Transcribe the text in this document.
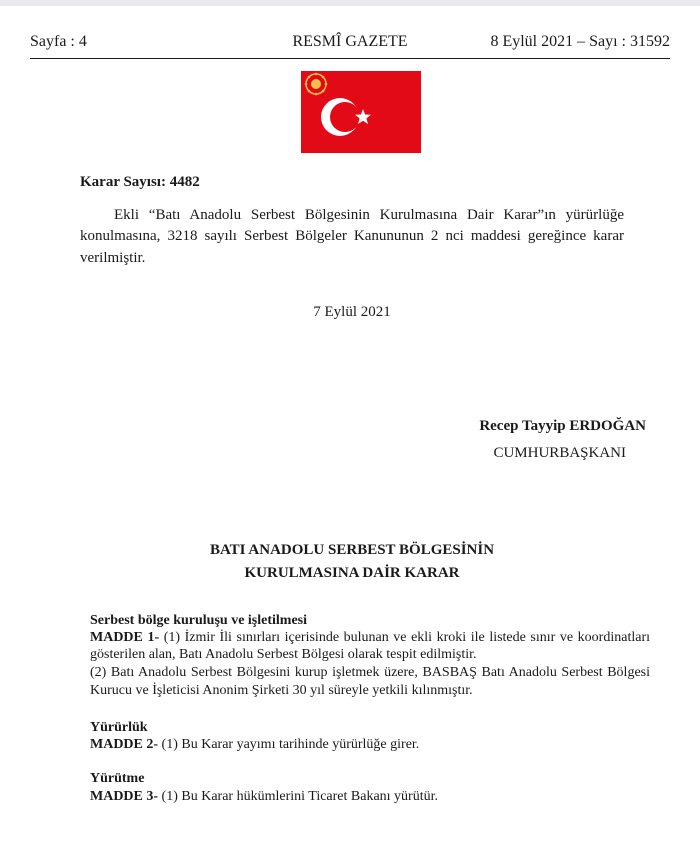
Sayfa : 4	RESMÎ GAZETE	8 Eylül 2021 – Sayı : 31592
Karar Sayısı: 4482
Ekli “Batı Anadolu Serbest Bölgesinin Kurulmasına Dair Karar”ın yürürlüğe
konulmasına, 3218 sayılı Serbest Bölgeler Kanununun 2 nci maddesi gereğince karar
verilmiştir.
7 Eylül 2021
Recep Tayyip ERDOĞAN
CUMHURBAŞKANI
BATI ANADOLU SERBEST BÖLGESİNİN
KURULMASINA DAİR KARAR
Serbest bölge kuruluşu ve işletilmesi
MADDE 1- (1) İzmir İli sınırları içerisinde bulunan ve ekli kroki ile listede sınır ve koordinatları
gösterilen alan, Batı Anadolu Serbest Bölgesi olarak tespit edilmiştir.
(2) Batı Anadolu Serbest Bölgesini kurup işletmek üzere, BASBAŞ Batı Anadolu Serbest Bölgesi
Kurucu ve İşleticisi Anonim Şirketi 30 yıl süreyle yetkili kılınmıştır.
Yürürlük
MADDE 2- (1) Bu Karar yayımı tarihinde yürürlüğe girer.
Yürütme
MADDE 3- (1) Bu Karar hükümlerini Ticaret Bakanı yürütür.
